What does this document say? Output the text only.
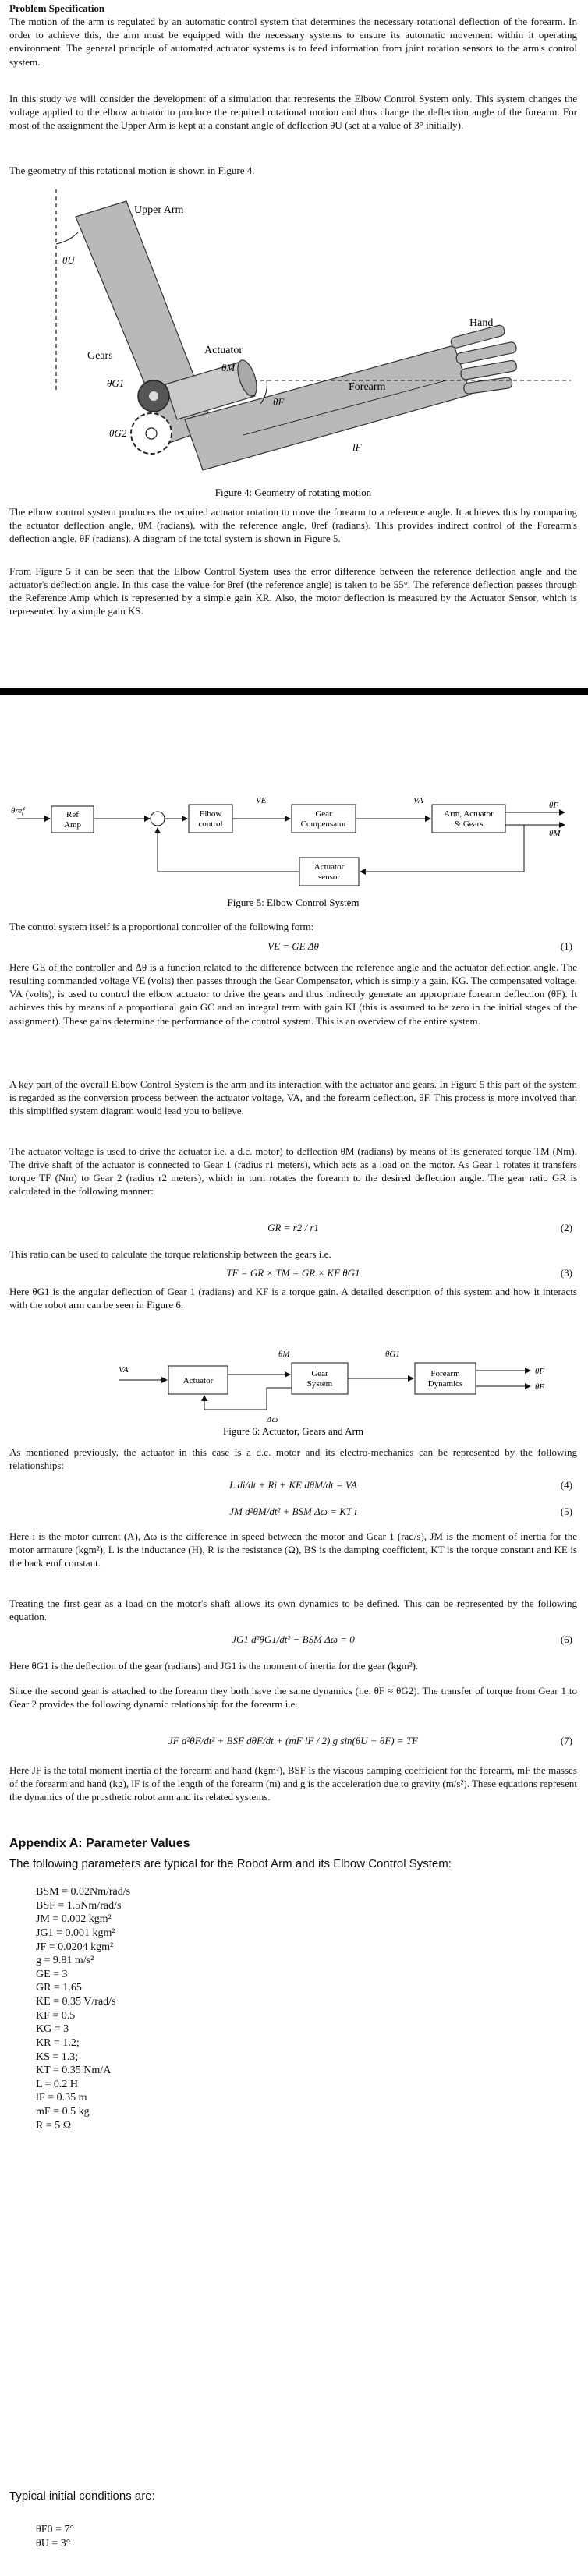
Problem Specification

The motion of the arm is regulated by an automatic control system that determines the necessary rotational deflection of the forearm. In order to achieve this, the arm must be equipped with the necessary systems to ensure its automatic movement within it operating environment. The general principle of automated actuator systems is to feed information from joint rotation sensors to the arm's control system.

In this study we will consider the development of a simulation that represents the Elbow Control System only. This system changes the voltage applied to the elbow actuator to produce the required rotational motion and thus change the deflection angle of the forearm. For most of the assignment the Upper Arm is kept at a constant angle of deflection θU (set at a value of 3° initially).

The geometry of this rotational motion is shown in Figure 4.

θU
Upper Arm
Hand
Actuator
θM
Gears
θG1
θG2
θF
Forearm
lF
Figure 4: Geometry of rotating motion

The elbow control system produces the required actuator rotation to move the forearm to a reference angle. It achieves this by comparing the actuator deflection angle, θM (radians), with the reference angle, θref (radians). This provides indirect control of the Forearm's deflection angle, θF (radians). A diagram of the total system is shown in Figure 5.

From Figure 5 it can be seen that the Elbow Control System uses the error difference between the reference deflection angle and the actuator's deflection angle. In this case the value for θref (the reference angle) is taken to be 55°. The reference deflection passes through the Reference Amp which is represented by a simple gain KR. Also, the motor deflection is measured by the Actuator Sensor, which is represented by a simple gain KS.

θref	Ref
Amp
Elbow
control
VE
Gear
Compensator
VA
Arm, Actuator
& Gears
θF
θM
Actuator
sensor
Figure 5: Elbow Control System

The control system itself is a proportional controller of the following form:

VE = GE Δθ	(1)

Here GE of the controller and Δθ is a function related to the difference between the reference angle and the actuator deflection angle. The resulting commanded voltage VE (volts) then passes through the Gear Compensator, which is simply a gain, KG. The compensated voltage, VA (volts), is used to control the elbow actuator to drive the gears and thus indirectly generate an appropriate forearm deflection (θF). It achieves this by means of a proportional gain GC and an integral term with gain KI (this is assumed to be zero in the initial stages of the assignment). These gains determine the performance of the control system. This is an overview of the entire system.

A key part of the overall Elbow Control System is the arm and its interaction with the actuator and gears. In Figure 5 this part of the system is regarded as the conversion process between the actuator voltage, VA, and the forearm deflection, θF. This process is more involved than this simplified system diagram would lead you to believe.

The actuator voltage is used to drive the actuator i.e. a d.c. motor) to deflection θM (radians) by means of its generated torque TM (Nm). The drive shaft of the actuator is connected to Gear 1 (radius r1 meters), which acts as a load on the motor. As Gear 1 rotates it transfers torque TF (Nm) to Gear 2 (radius r2 meters), which in turn rotates the forearm to the desired deflection angle. The gear ratio GR is calculated in the following manner:

GR = r2 / r1	(2)

This ratio can be used to calculate the torque relationship between the gears i.e.

TF = GR × TM = GR × KF θG1	(3)

Here θG1 is the angular deflection of Gear 1 (radians) and KF is a torque gain. A detailed description of this system and how it interacts with the robot arm can be seen in Figure 6.

VA
Actuator
θM
Gear
System
Δω
θG1
Forearm
Dynamics
θ̇F
θF
Figure 6: Actuator, Gears and Arm

As mentioned previously, the actuator in this case is a d.c. motor and its electro-mechanics can be represented by the following relationships:

L di/dt + Ri + KE dθM/dt = VA	(4)
JM d²θM/dt² + BSM Δω = KT i	(5)

Here i is the motor current (A), Δω is the difference in speed between the motor and Gear 1 (rad/s), JM is the moment of inertia for the motor armature (kgm²), L is the inductance (H), R is the resistance (Ω), BS is the damping coefficient, KT is the torque constant and KE is the back emf constant.

Treating the first gear as a load on the motor's shaft allows its own dynamics to be defined. This can be represented by the following equation.

JG1 d²θG1/dt² − BSM Δω = 0	(6)

Here θG1 is the deflection of the gear (radians) and JG1 is the moment of inertia for the gear (kgm²).

Since the second gear is attached to the forearm they both have the same dynamics (i.e. θF ≈ θG2). The transfer of torque from Gear 1 to Gear 2 provides the following dynamic relationship for the forearm i.e.

JF d²θF/dt² + BSF dθF/dt + (mF lF / 2) g sin(θU + θF) = TF	(7)

Here JF is the total moment inertia of the forearm and hand (kgm²), BSF is the viscous damping coefficient for the forearm, mF the masses of the forearm and hand (kg), lF is of the length of the forearm (m) and g is the acceleration due to gravity (m/s²). These equations represent the dynamics of the prosthetic robot arm and its related systems.

Appendix A: Parameter Values
The following parameters are typical for the Robot Arm and its Elbow Control System:
BSM = 0.02Nm/rad/s
BSF = 1.5Nm/rad/s
JM = 0.002 kgm²
JG1 = 0.001 kgm²
JF = 0.0204 kgm²
g = 9.81 m/s²
GE = 3
GR = 1.65
KE = 0.35 V/rad/s
KF = 0.5
KG = 3
KR = 1.2;
KS = 1.3;
KT = 0.35 Nm/A
L = 0.2 H
lF = 0.35 m
mF = 0.5 kg
R = 5 Ω
Typical initial conditions are:
θF0 = 7°
θU = 3°
